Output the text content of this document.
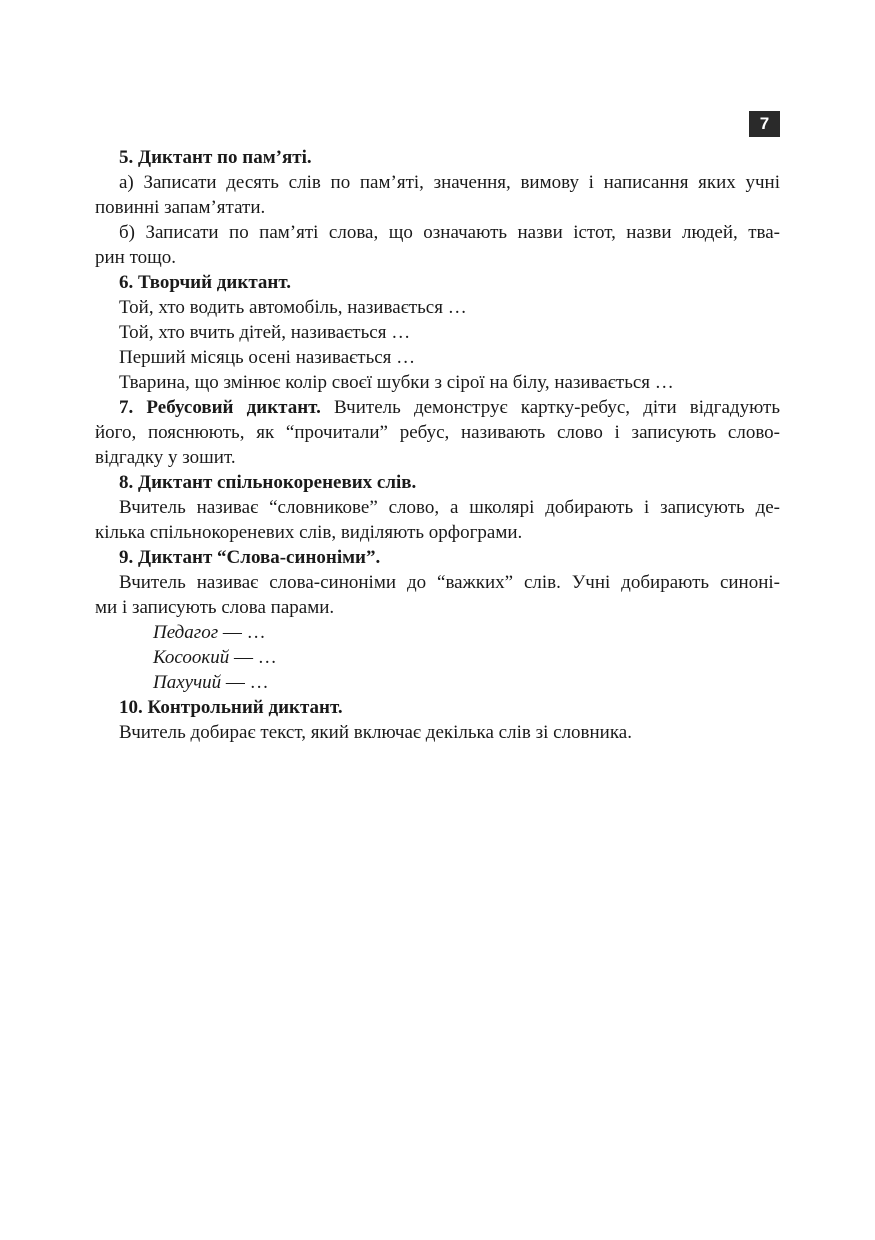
7

5. Диктант по пам’яті.

а) Записати десять слів по пам’яті, значення, вимову і написання яких учні

повинні запам’ятати.

б) Записати по пам’яті слова, що означають назви істот, назви людей, тва-

рин тощо.

6. Творчий диктант.

Той, хто водить автомобіль, називається …

Той, хто вчить дітей, називається …

Перший місяць осені називається …

Тварина, що змінює колір своєї шубки з сірої на білу, називається …

7. Ребусовий диктант. Вчитель демонструє картку-ребус, діти відгадують

його, пояснюють, як “прочитали” ребус, називають слово і записують слово-

відгадку у зошит.

8. Диктант спільнокореневих слів.

Вчитель називає “словникове” слово, а школярі добирають і записують де-

кілька спільнокореневих слів, виділяють орфограми.

9. Диктант “Слова-синоніми”.

Вчитель називає слова-синоніми до “важких” слів. Учні добирають синоні-

ми і записують слова парами.

Педагог — …

Косоокий — …

Пахучий — …

10. Контрольний диктант.

Вчитель добирає текст, який включає декілька слів зі словника.
